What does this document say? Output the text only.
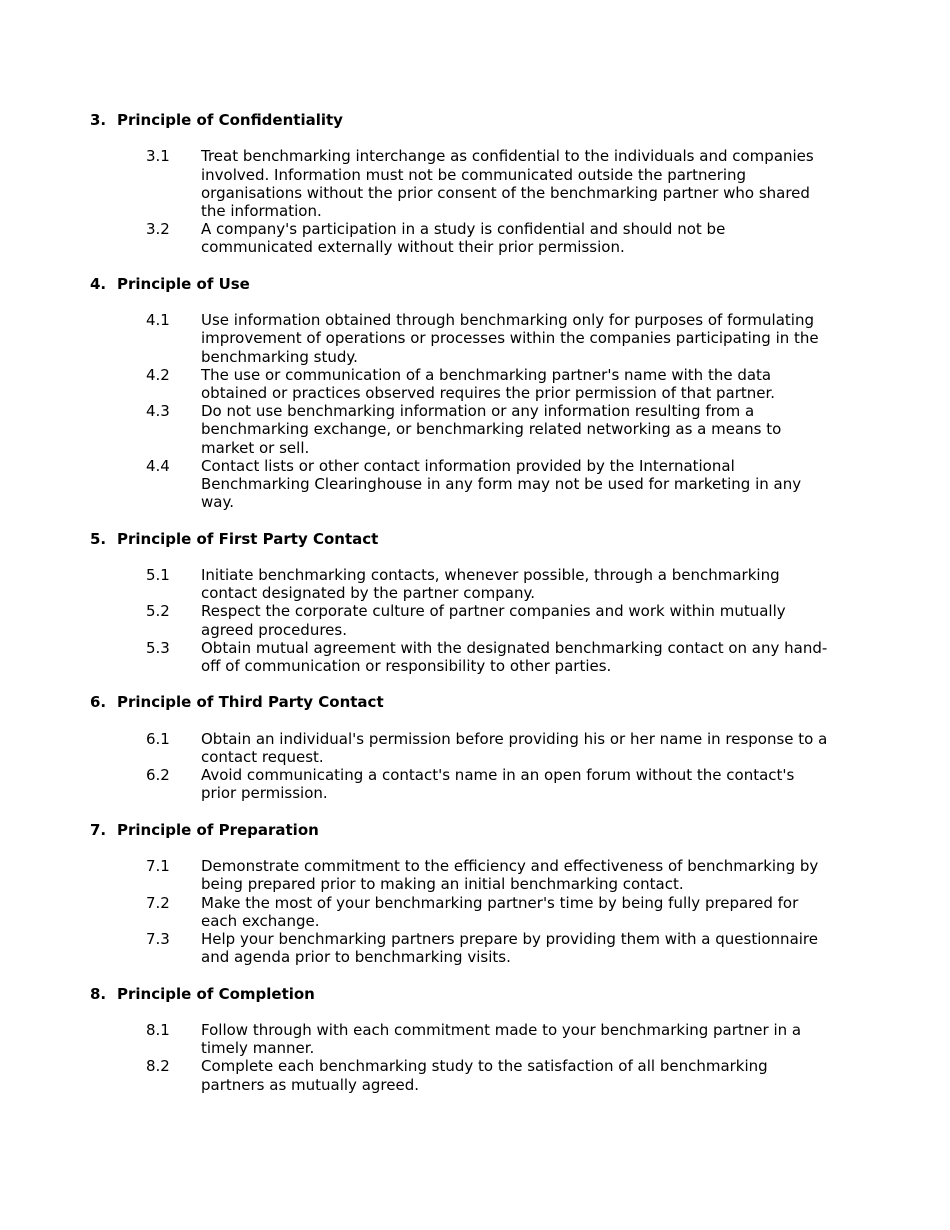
3. Principle of Confidentiality
3.1 Treat benchmarking interchange as confidential to the individuals and companies
involved. Information must not be communicated outside the partnering
organisations without the prior consent of the benchmarking partner who shared
the information.
3.2 A company's participation in a study is confidential and should not be
communicated externally without their prior permission.
4. Principle of Use
4.1 Use information obtained through benchmarking only for purposes of formulating
improvement of operations or processes within the companies participating in the
benchmarking study.
4.2 The use or communication of a benchmarking partner's name with the data
obtained or practices observed requires the prior permission of that partner.
4.3 Do not use benchmarking information or any information resulting from a
benchmarking exchange, or benchmarking related networking as a means to
market or sell.
4.4 Contact lists or other contact information provided by the International
Benchmarking Clearinghouse in any form may not be used for marketing in any
way.
5. Principle of First Party Contact
5.1 Initiate benchmarking contacts, whenever possible, through a benchmarking
contact designated by the partner company.
5.2 Respect the corporate culture of partner companies and work within mutually
agreed procedures.
5.3 Obtain mutual agreement with the designated benchmarking contact on any hand-
off of communication or responsibility to other parties.
6. Principle of Third Party Contact
6.1 Obtain an individual's permission before providing his or her name in response to a
contact request.
6.2 Avoid communicating a contact's name in an open forum without the contact's
prior permission.
7. Principle of Preparation
7.1 Demonstrate commitment to the efficiency and effectiveness of benchmarking by
being prepared prior to making an initial benchmarking contact.
7.2 Make the most of your benchmarking partner's time by being fully prepared for
each exchange.
7.3 Help your benchmarking partners prepare by providing them with a questionnaire
and agenda prior to benchmarking visits.
8. Principle of Completion
8.1 Follow through with each commitment made to your benchmarking partner in a
timely manner.
8.2 Complete each benchmarking study to the satisfaction of all benchmarking
partners as mutually agreed.
